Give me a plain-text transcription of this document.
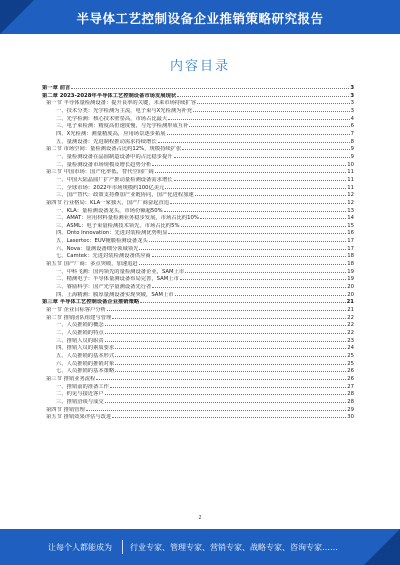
半导体工艺控制设备企业推销策略研究报告
内容目录
第一章 前言	3
第二章 2023-2028年半导体工艺控制设备市场发展现状	3
第一节 半导体量检测设备：提升良率的关键，未来市场持续扩容	3
一、技术分类：光学检测为主流，电子束与X光检测为补充	3
二、光学检测：核心技术壁垒高，市场占比最大	4
三、电子束检测：精度高但速度慢，与光学检测形成互补	6
四、X光检测：测量精度高，应用场景逐步拓展	7
五、量测设备：先进制程推动需求持续增长	8
第二节 市场空间：量检测设备占比约12%，规模持续扩张	9
一、量检测设备在晶圆制造设备中的占比稳步提升	9
二、量检测设备市场规模及增长趋势分析	10
第三节 中国市场：国产化率低，替代空间广阔	11
一、中国大陆晶圆厂扩产推动量检测设备需求增长	11
二、全球市场：2022年市场规模约100亿美元	11
三、国产替代：政策支持叠加产业链协同，国产化进程加速	12
第四节 行业格局：KLA一家独大，国产厂商奋起直追	12
一、KLA：量检测设备龙头，市场份额超50%	13
二、AMAT：应用材料量检测业务稳步发展，市场占比约10%	14
三、ASML：电子束量检测技术领先，市场占比约5%	15
四、Onto Innovation：先进封装检测优势明显	16
五、Lasertec：EUV掩膜检测设备龙头	17
六、Nova：量测设备细分领域领先	17
七、Camtek：先进封装检测设备供应商	18
第五节 国产厂商：多点突破，加速追赶	18
一、中科飞测：国内领先的量检测设备企业，SAM上市	19
二、精测电子：半导体量测设备布局完善，SAM上市	19
三、睿励科学：国产光学量测设备先行者	20
四、上海精测：膜厚量测设备实现突破，SAM上市	20
第三章 半导体工艺控制设备企业推销策略	21
第一节 企业目标客户分析	21
第二节 推销团队组建与管理	22
一、人员推销的概念	22
二、人员推销的特点	22
三、推销人员的职责	23
四、推销人员的素质要求	24
五、人员推销的基本形式	25
六、人员推销的推销对象	25
七、人员推销的基本策略	26
第三节 推销业务流程	26
一、推销前的准备工作	27
二、约见与接近客户	28
三、推销洽谈与成交	28
第四节 推销管理	29
第五节 推销效果评估与改进	30
2
让每个人都能成为 行业专家、管理专家、营销专家、战略专家、咨询专家……
